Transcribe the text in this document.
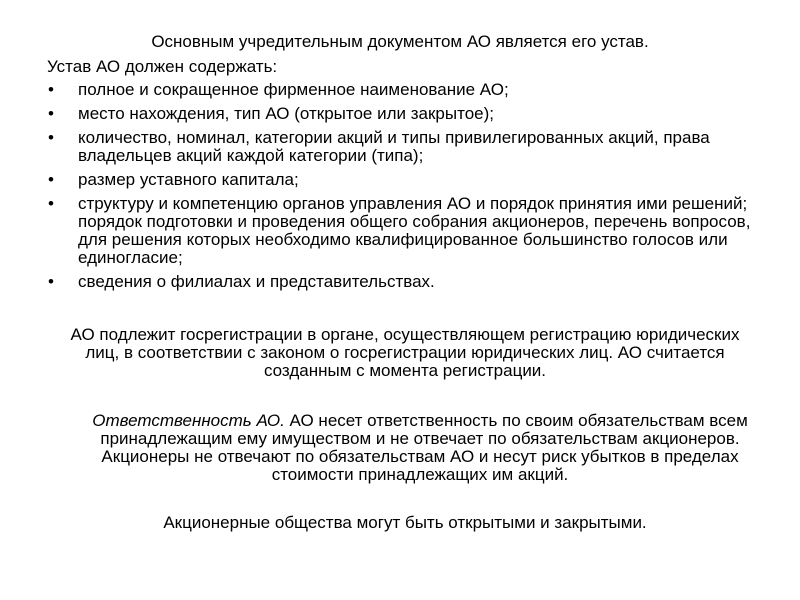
Основным учредительным документом АО является его устав.
Устав АО должен содержать:
• полное и сокращенное фирменное наименование АО;
• место нахождения, тип АО (открытое или закрытое);
• количество, номинал, категории акций и типы привилегированных акций, права владельцев акций каждой категории (типа);
• размер уставного капитала;
• структуру и компетенцию органов управления АО и порядок принятия ими решений; порядок подготовки и проведения общего собрания акционеров, перечень вопросов, для решения которых необходимо квалифицированное большинство голосов или единогласие;
• сведения о филиалах и представительствах.
АО подлежит госрегистрации в органе, осуществляющем регистрацию юридических лиц, в соответствии с законом о госрегистрации юридических лиц. АО считается созданным с момента регистрации.
Ответственность АО. АО несет ответственность по своим обязательствам всем принадлежащим ему имуществом и не отвечает по обязательствам акционеров. Акционеры не отвечают по обязательствам АО и несут риск убытков в пределах стоимости принадлежащих им акций.
Акционерные общества могут быть открытыми и закрытыми.
